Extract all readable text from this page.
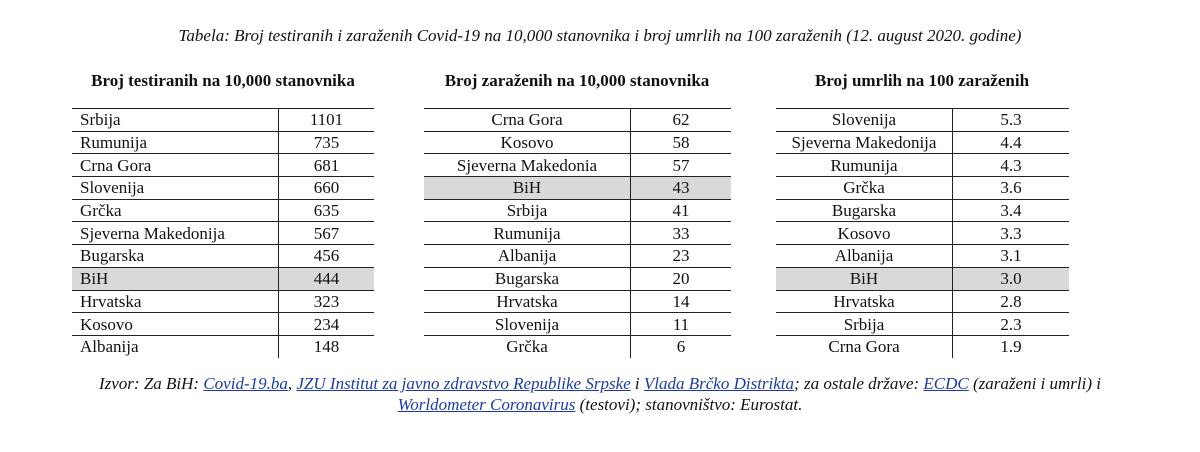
Tabela: Broj testiranih i zaraženih Covid-19 na 10,000 stanovnika i broj umrlih na 100 zaraženih (12. august 2020. godine)
Broj testiranih na 10,000 stanovnika
Srbija	1101
Rumunija	735
Crna Gora	681
Slovenija	660
Grčka	635
Sjeverna Makedonija	567
Bugarska	456
BiH	444
Hrvatska	323
Kosovo	234
Albanija	148
Broj zaraženih na 10,000 stanovnika
Crna Gora	62
Kosovo	58
Sjeverna Makedonia	57
BiH	43
Srbija	41
Rumunija	33
Albanija	23
Bugarska	20
Hrvatska	14
Slovenija	11
Grčka	6
Broj umrlih na 100 zaraženih
Slovenija	5.3
Sjeverna Makedonija	4.4
Rumunija	4.3
Grčka	3.6
Bugarska	3.4
Kosovo	3.3
Albanija	3.1
BiH	3.0
Hrvatska	2.8
Srbija	2.3
Crna Gora	1.9
Izvor: Za BiH: Covid-19.ba, JZU Institut za javno zdravstvo Republike Srpske i Vlada Brčko Distrikta; za ostale države: ECDC (zaraženi i umrli) i
Worldometer Coronavirus (testovi); stanovništvo: Eurostat.
